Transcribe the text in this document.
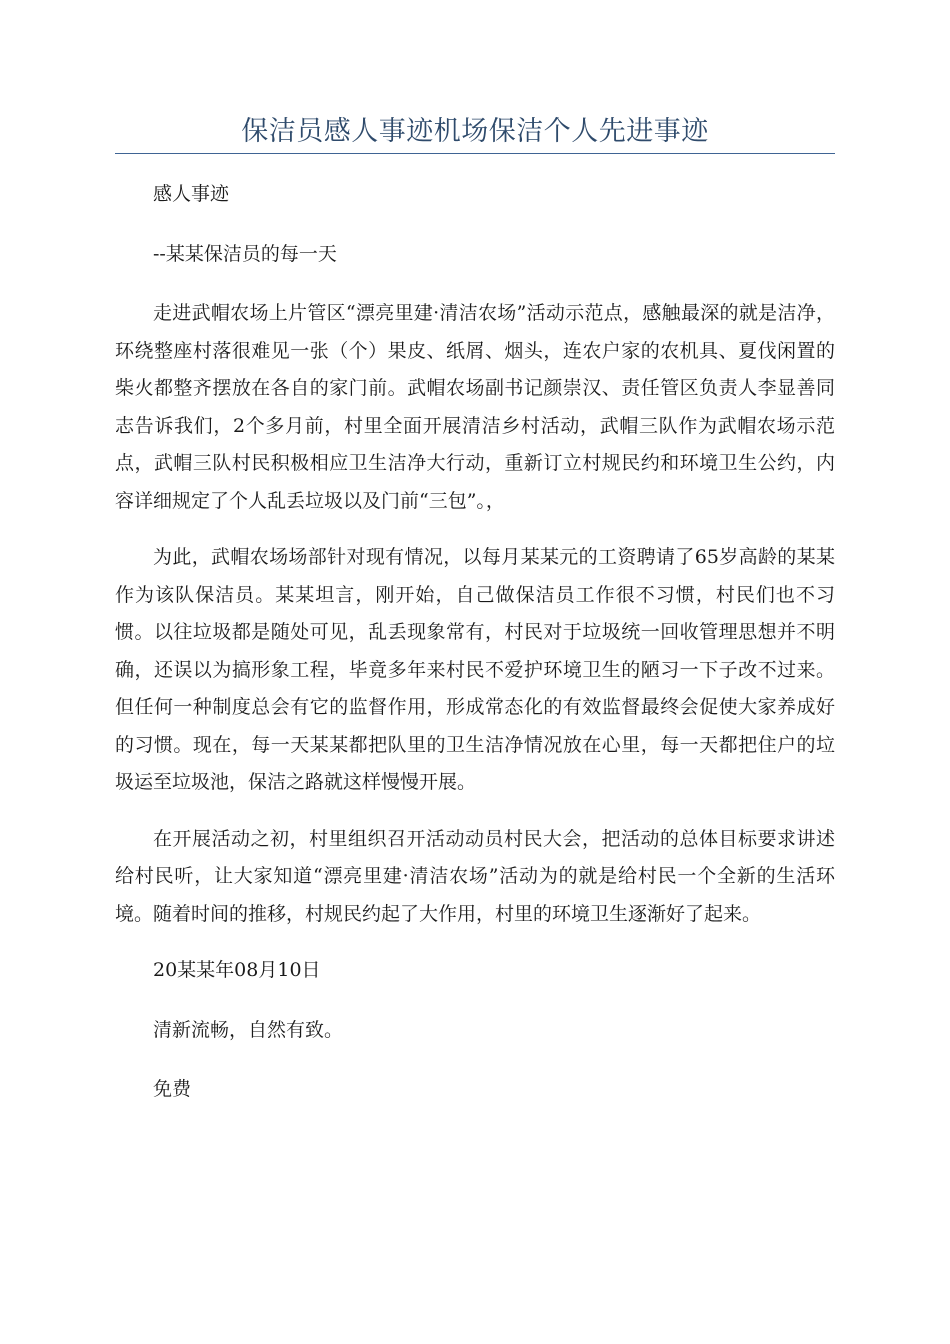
保洁员感人事迹机场保洁个人先进事迹

感人事迹

--某某保洁员的每一天

走进武帽农场上片管区“漂亮里建·清洁农场”活动示范点，感触最深的就是洁净，环绕整座村落很难见一张（个）果皮、纸屑、烟头，连农户家的农机具、夏伐闲置的柴火都整齐摆放在各自的家门前。武帽农场副书记颜崇汉、责任管区负责人李显善同志告诉我们，2个多月前，村里全面开展清洁乡村活动，武帽三队作为武帽农场示范点，武帽三队村民积极相应卫生洁净大行动，重新订立村规民约和环境卫生公约，内容详细规定了个人乱丢垃圾以及门前“三包”。，

为此，武帽农场场部针对现有情况，以每月某某元的工资聘请了65岁高龄的某某作为该队保洁员。某某坦言，刚开始，自己做保洁员工作很不习惯，村民们也不习惯。以往垃圾都是随处可见，乱丢现象常有，村民对于垃圾统一回收管理思想并不明确，还误以为搞形象工程，毕竟多年来村民不爱护环境卫生的陋习一下子改不过来。但任何一种制度总会有它的监督作用，形成常态化的有效监督最终会促使大家养成好的习惯。现在，每一天某某都把队里的卫生洁净情况放在心里，每一天都把住户的垃圾运至垃圾池，保洁之路就这样慢慢开展。

在开展活动之初，村里组织召开活动动员村民大会，把活动的总体目标要求讲述给村民听，让大家知道“漂亮里建·清洁农场”活动为的就是给村民一个全新的生活环境。随着时间的推移，村规民约起了大作用，村里的环境卫生逐渐好了起来。

20某某年08月10日

清新流畅，自然有致。

免费
